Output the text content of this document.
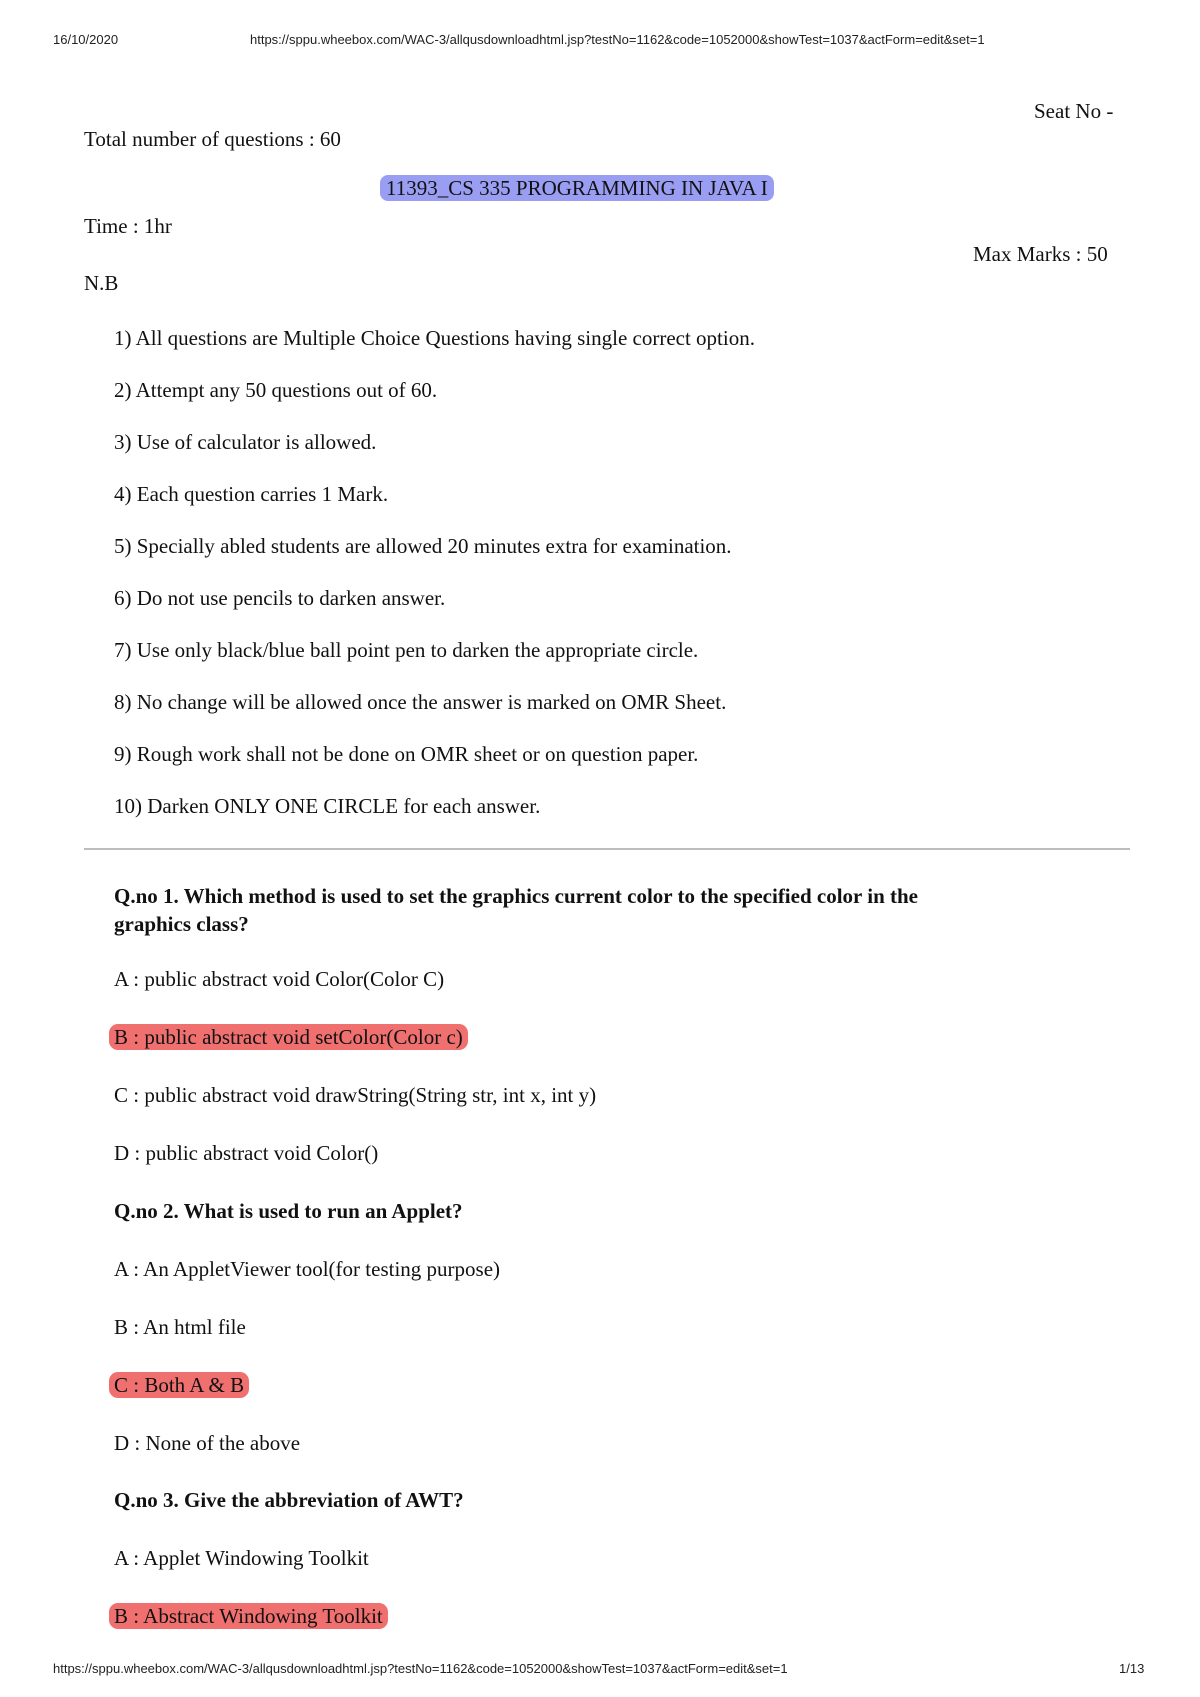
16/10/2020	https://sppu.wheebox.com/WAC-3/allqusdownloadhtml.jsp?testNo=1162&code=1052000&showTest=1037&actForm=edit&set=1
Seat No -
Total number of questions : 60
11393_CS 335 PROGRAMMING IN JAVA I
Time : 1hr
Max Marks : 50
N.B
1) All questions are Multiple Choice Questions having single correct option.
2) Attempt any 50 questions out of 60.
3) Use of calculator is allowed.
4) Each question carries 1 Mark.
5) Specially abled students are allowed 20 minutes extra for examination.
6) Do not use pencils to darken answer.
7) Use only black/blue ball point pen to darken the appropriate circle.
8) No change will be allowed once the answer is marked on OMR Sheet.
9) Rough work shall not be done on OMR sheet or on question paper.
10) Darken ONLY ONE CIRCLE for each answer.
Q.no 1. Which method is used to set the graphics current color to the specified color in the
graphics class?
A : public abstract void Color(Color C)
B : public abstract void setColor(Color c)
C : public abstract void drawString(String str, int x, int y)
D : public abstract void Color()
Q.no 2. What is used to run an Applet?
A : An AppletViewer tool(for testing purpose)
B : An html file
C : Both A & B
D : None of the above
Q.no 3. Give the abbreviation of AWT?
A : Applet Windowing Toolkit
B : Abstract Windowing Toolkit
https://sppu.wheebox.com/WAC-3/allqusdownloadhtml.jsp?testNo=1162&code=1052000&showTest=1037&actForm=edit&set=1	1/13
